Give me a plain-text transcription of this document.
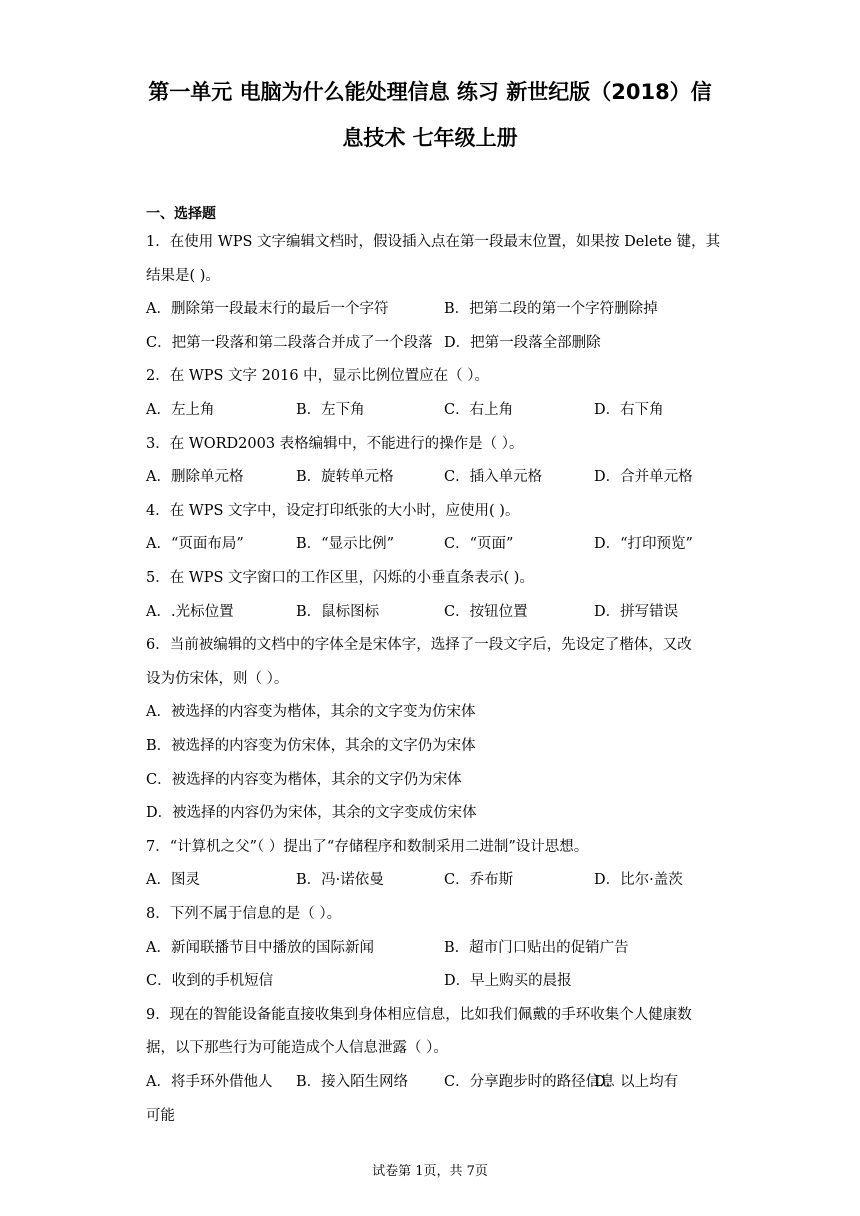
第一单元 电脑为什么能处理信息 练习 新世纪版（2018）信
息技术 七年级上册
一、选择题
1．在使用 WPS 文字编辑文档时，假设插入点在第一段最末位置，如果按 Delete 键，其
结果是( )。
A．删除第一段最末行的最后一个字符	B．把第二段的第一个字符删除掉
C．把第一段落和第二段落合并成了一个段落 D．把第一段落全部删除
2．在 WPS 文字 2016 中，显示比例位置应在（ ）。
A．左上角	B．左下角	C．右上角	D．右下角
3．在 WORD2003 表格编辑中，不能进行的操作是（ ）。
A．删除单元格	B．旋转单元格	C．插入单元格	D．合并单元格
4．在 WPS 文字中，设定打印纸张的大小时，应使用( )。
A．“页面布局”	B．“显示比例”	C．“页面”	D．“打印预览”
5．在 WPS 文字窗口的工作区里，闪烁的小垂直条表示( )。
A．.光标位置	B．鼠标图标	C．按钮位置	D．拼写错误
6．当前被编辑的文档中的字体全是宋体字，选择了一段文字后，先设定了楷体，又改
设为仿宋体，则（ ）。
A．被选择的内容变为楷体，其余的文字变为仿宋体
B．被选择的内容变为仿宋体，其余的文字仍为宋体
C．被选择的内容变为楷体，其余的文字仍为宋体
D．被选择的内容仍为宋体，其余的文字变成仿宋体
7．“计算机之父”（ ）提出了“存储程序和数制采用二进制”设计思想。
A．图灵	B．冯·诺依曼	C．乔布斯	D．比尔·盖茨
8．下列不属于信息的是（ ）。
A．新闻联播节目中播放的国际新闻	B．超市门口贴出的促销广告
C．收到的手机短信	D．早上购买的晨报
9．现在的智能设备能直接收集到身体相应信息，比如我们佩戴的手环收集个人健康数
据，以下那些行为可能造成个人信息泄露（ ）。
A．将手环外借他人 B．接入陌生网络 C．分享跑步时的路径信息
D．以上均有
可能
试卷第 1页，共 7页
